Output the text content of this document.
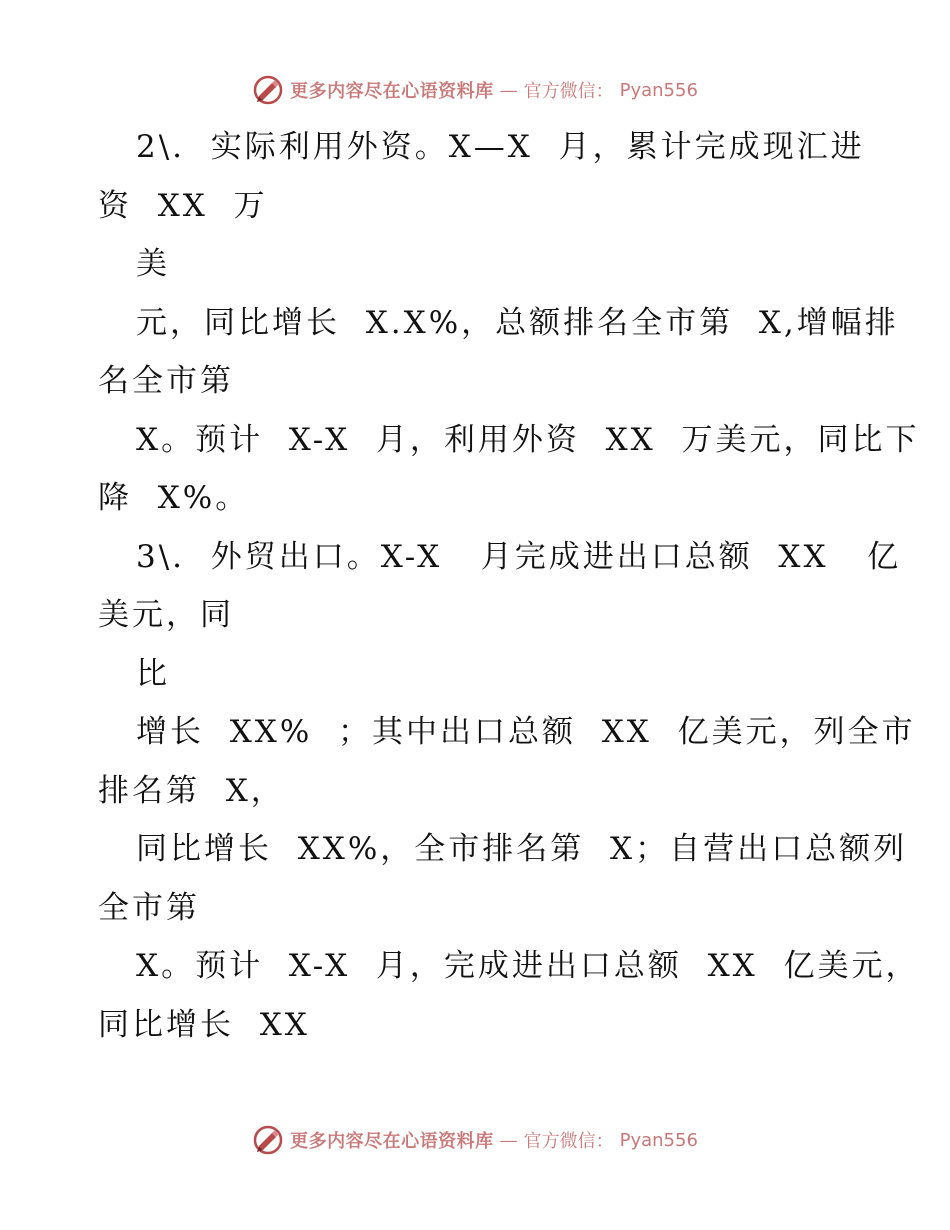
更多内容尽在心语资料库 — 官方微信： Pyan556
2\.  实际利用外资。X—X  月，累计完成现汇进
资  XX  万
美
元，同比增长  X.X%，总额排名全市第  X,增幅排
名全市第
X。预计  X-X  月，利用外资  XX  万美元，同比下
降  X%。
3\.  外贸出口。X-X   月完成进出口总额  XX   亿
美元，同
比
增长  XX%  ；其中出口总额  XX  亿美元，列全市
排名第  X，
同比增长  XX%，全市排名第  X；自营出口总额列
全市第
X。预计  X-X  月，完成进出口总额  XX  亿美元，
同比增长  XX
更多内容尽在心语资料库 — 官方微信： Pyan556
